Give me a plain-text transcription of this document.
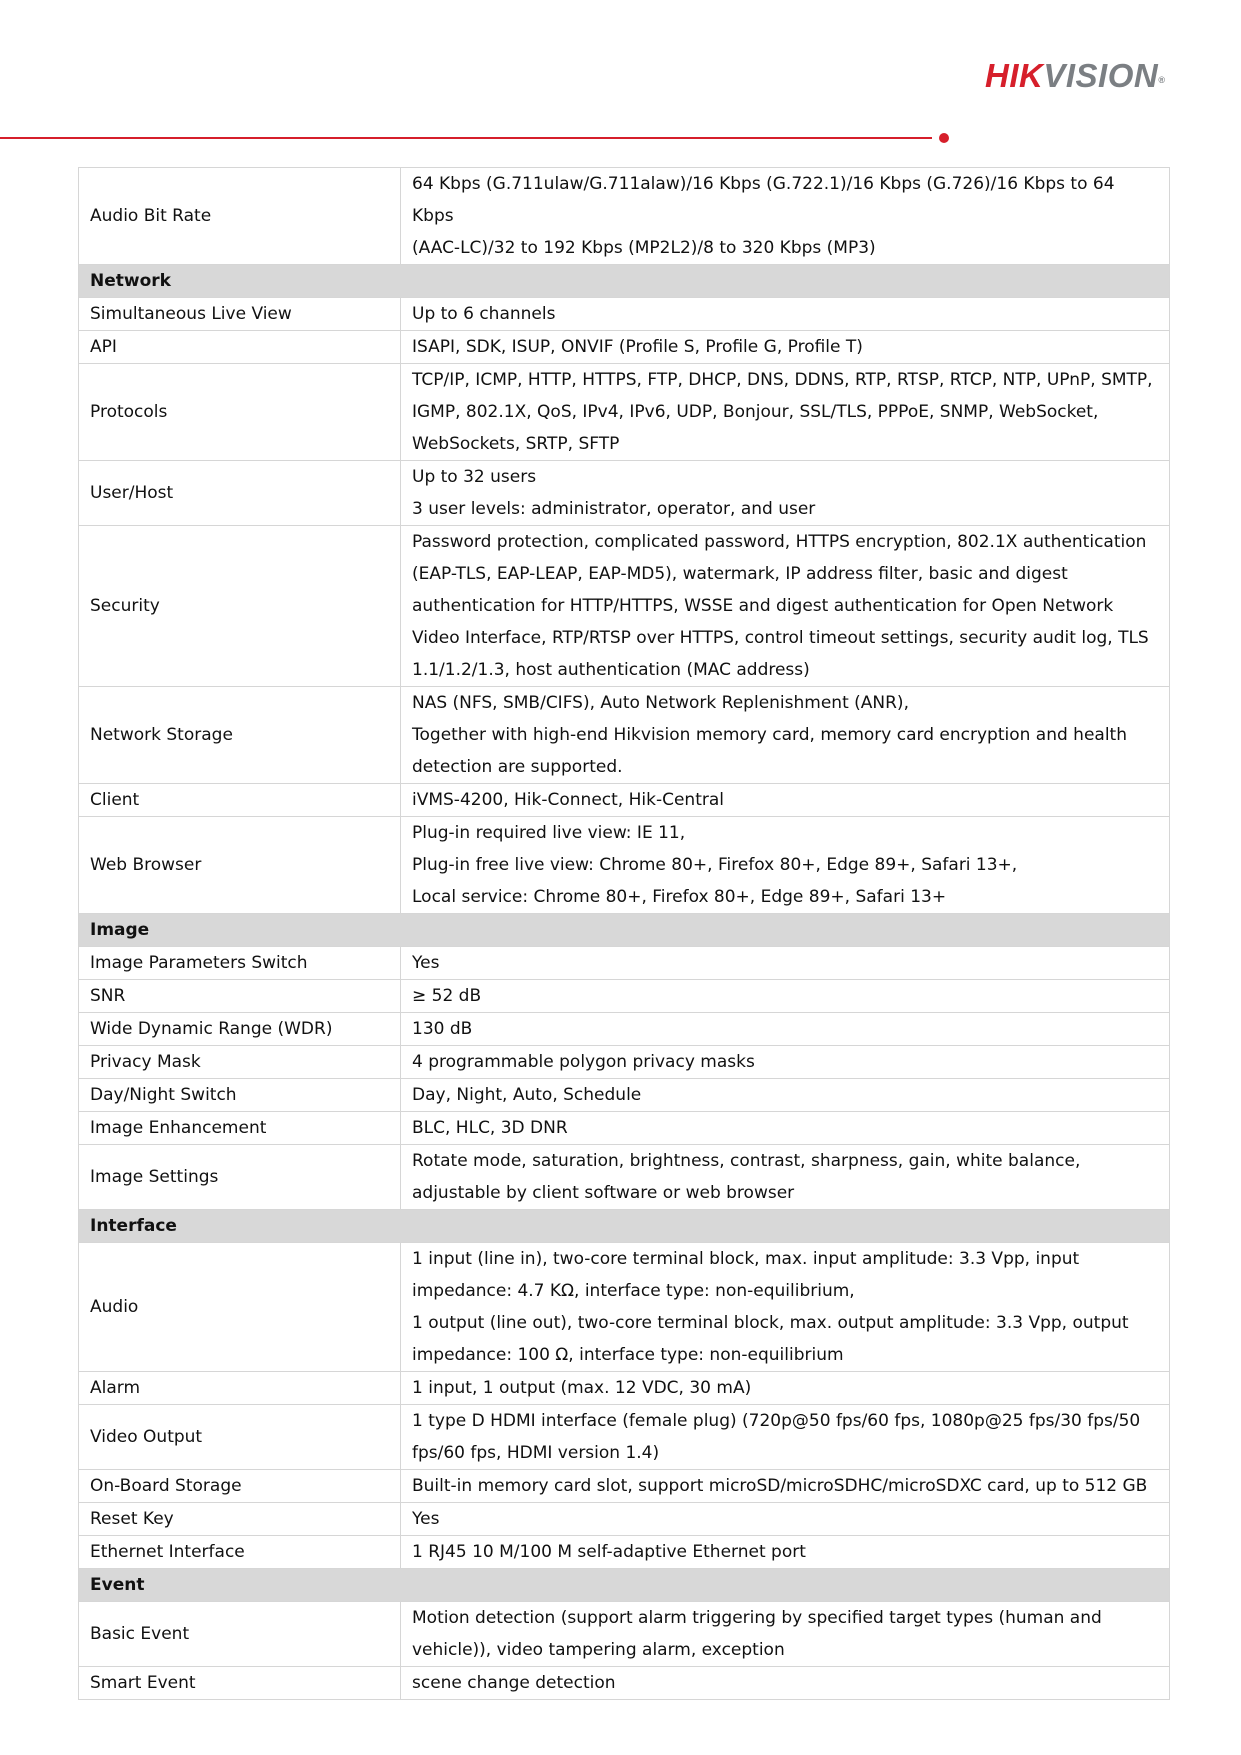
HIKVISION®
Audio Bit Rate	64 Kbps (G.711ulaw/G.711alaw)/16 Kbps (G.722.1)/16 Kbps (G.726)/16 Kbps to 64 Kbps
(AAC-LC)/32 to 192 Kbps (MP2L2)/8 to 320 Kbps (MP3)

Network	
Simultaneous Live View	Up to 6 channels

API	ISAPI, SDK, ISUP, ONVIF (Profile S, Profile G, Profile T)

Protocols	TCP/IP, ICMP, HTTP, HTTPS, FTP, DHCP, DNS, DDNS, RTP, RTSP, RTCP, NTP, UPnP, SMTP,
IGMP, 802.1X, QoS, IPv4, IPv6, UDP, Bonjour, SSL/TLS, PPPoE, SNMP, WebSocket,
WebSockets, SRTP, SFTP

User/Host	Up to 32 users
3 user levels: administrator, operator, and user

Security	Password protection, complicated password, HTTPS encryption, 802.1X authentication
(EAP-TLS, EAP-LEAP, EAP-MD5), watermark, IP address filter, basic and digest
authentication for HTTP/HTTPS, WSSE and digest authentication for Open Network
Video Interface, RTP/RTSP over HTTPS, control timeout settings, security audit log, TLS
1.1/1.2/1.3, host authentication (MAC address)

Network Storage	NAS (NFS, SMB/CIFS), Auto Network Replenishment (ANR),
Together with high-end Hikvision memory card, memory card encryption and health
detection are supported.

Client	iVMS-4200, Hik-Connect, Hik-Central

Web Browser	Plug-in required live view: IE 11,
Plug-in free live view: Chrome 80+, Firefox 80+, Edge 89+, Safari 13+,
Local service: Chrome 80+, Firefox 80+, Edge 89+, Safari 13+

Image	
Image Parameters Switch	Yes

SNR	≥ 52 dB

Wide Dynamic Range (WDR)	130 dB

Privacy Mask	4 programmable polygon privacy masks

Day/Night Switch	Day, Night, Auto, Schedule

Image Enhancement	BLC, HLC, 3D DNR

Image Settings	Rotate mode, saturation, brightness, contrast, sharpness, gain, white balance,
adjustable by client software or web browser

Interface	
Audio	1 input (line in), two-core terminal block, max. input amplitude: 3.3 Vpp, input
impedance: 4.7 KΩ, interface type: non-equilibrium,
1 output (line out), two-core terminal block, max. output amplitude: 3.3 Vpp, output
impedance: 100 Ω, interface type: non-equilibrium

Alarm	1 input, 1 output (max. 12 VDC, 30 mA)

Video Output	1 type D HDMI interface (female plug) (720p@50 fps/60 fps, 1080p@25 fps/30 fps/50
fps/60 fps, HDMI version 1.4)

On-Board Storage	Built-in memory card slot, support microSD/microSDHC/microSDXC card, up to 512 GB

Reset Key	Yes

Ethernet Interface	1 RJ45 10 M/100 M self-adaptive Ethernet port

Event	
Basic Event	Motion detection (support alarm triggering by specified target types (human and
vehicle)), video tampering alarm, exception

Smart Event	scene change detection
